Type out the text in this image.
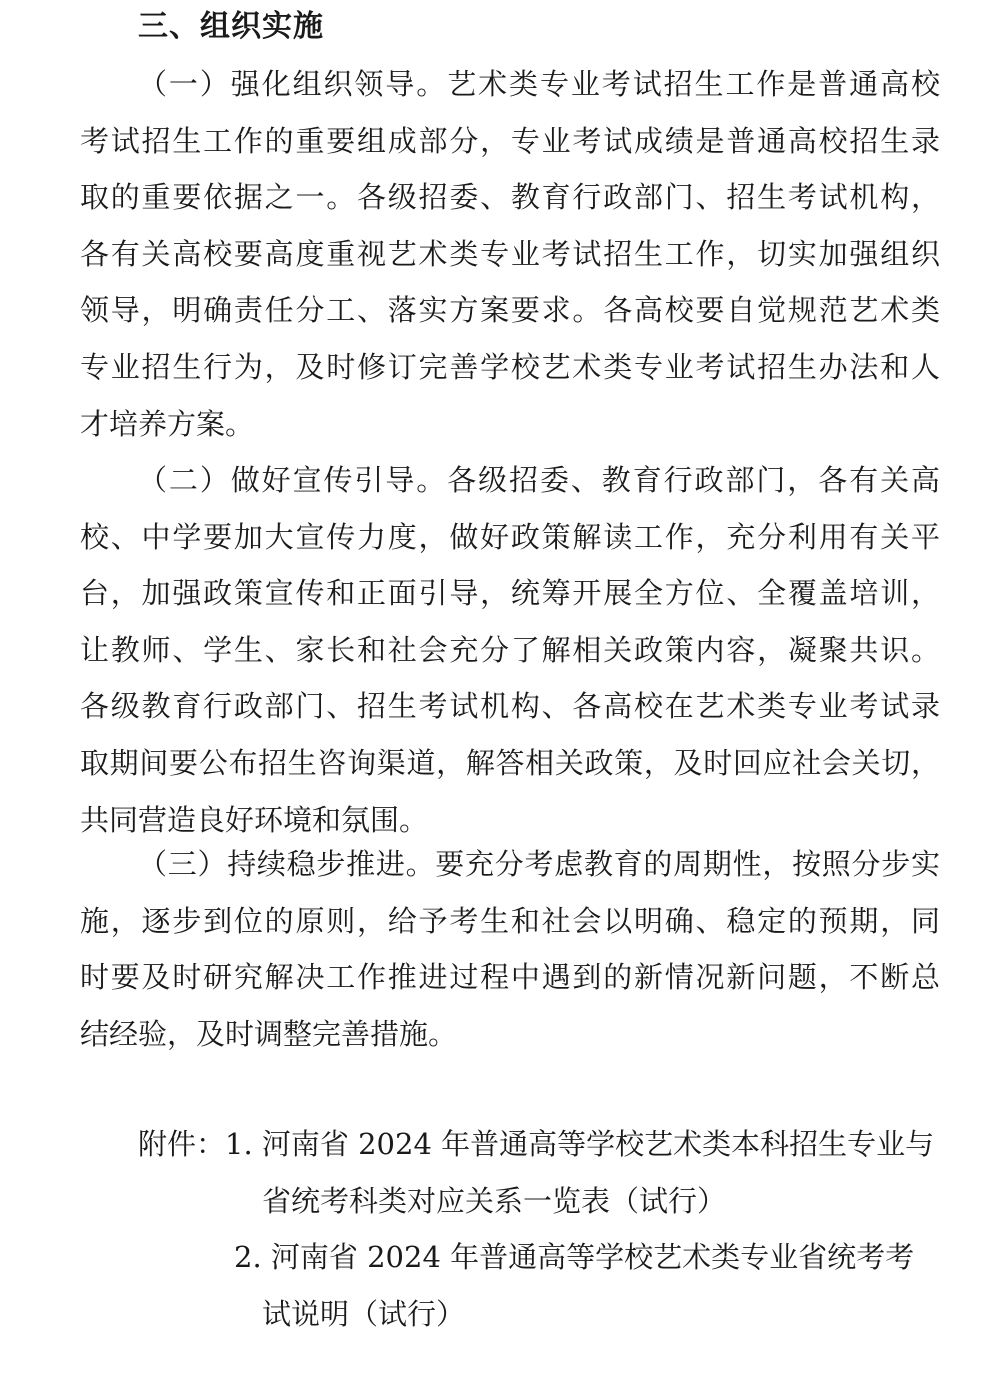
三、组织实施
（一）强化组织领导。艺术类专业考试招生工作是普通高校
考试招生工作的重要组成部分，专业考试成绩是普通高校招生录
取的重要依据之一。各级招委、教育行政部门、招生考试机构，
各有关高校要高度重视艺术类专业考试招生工作，切实加强组织
领导，明确责任分工、落实方案要求。各高校要自觉规范艺术类
专业招生行为，及时修订完善学校艺术类专业考试招生办法和人
才培养方案。
（二）做好宣传引导。各级招委、教育行政部门，各有关高
校、中学要加大宣传力度，做好政策解读工作，充分利用有关平
台，加强政策宣传和正面引导，统筹开展全方位、全覆盖培训，
让教师、学生、家长和社会充分了解相关政策内容，凝聚共识。
各级教育行政部门、招生考试机构、各高校在艺术类专业考试录
取期间要公布招生咨询渠道，解答相关政策，及时回应社会关切，
共同营造良好环境和氛围。
（三）持续稳步推进。要充分考虑教育的周期性，按照分步实
施，逐步到位的原则，给予考生和社会以明确、稳定的预期，同
时要及时研究解决工作推进过程中遇到的新情况新问题，不断总
结经验，及时调整完善措施。
附件：1. 河南省 2024 年普通高等学校艺术类本科招生专业与
省统考科类对应关系一览表（试行）
2. 河南省 2024 年普通高等学校艺术类专业省统考考
试说明（试行）
